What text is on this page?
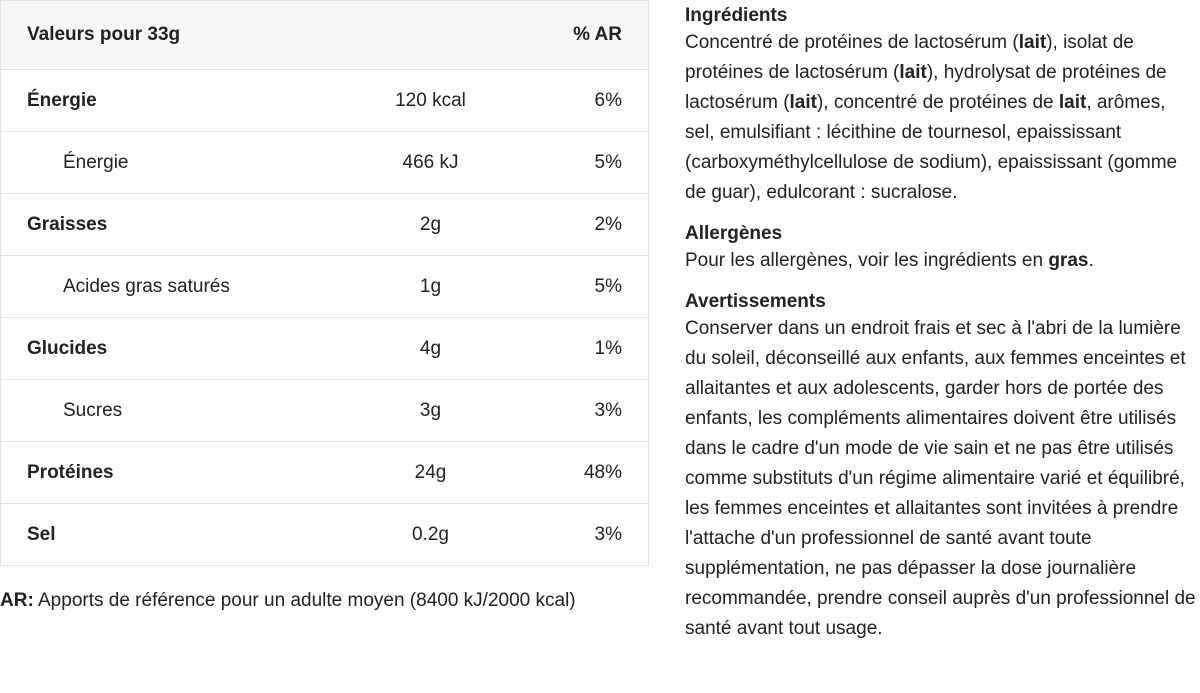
Valeurs pour 33g		% AR
Énergie	120 kcal	6%
Énergie	466 kJ	5%
Graisses	2g	2%
Acides gras saturés	1g	5%
Glucides	4g	1%
Sucres	3g	3%
Protéines	24g	48%
Sel	0.2g	3%
AR: Apports de référence pour un adulte moyen (8400 kJ/2000 kcal)

Ingrédients

Concentré de protéines de lactosérum (lait), isolat de protéines de lactosérum (lait), hydrolysat de protéines de lactosérum (lait), concentré de protéines de lait, arômes, sel, emulsifiant : lécithine de tournesol, epaississant (carboxyméthylcellulose de sodium), epaississant (gomme de guar), edulcorant : sucralose.

Allergènes

Pour les allergènes, voir les ingrédients en gras.

Avertissements

Conserver dans un endroit frais et sec à l'abri de la lumière du soleil, déconseillé aux enfants, aux femmes enceintes et allaitantes et aux adolescents, garder hors de portée des enfants, les compléments alimentaires doivent être utilisés dans le cadre d'un mode de vie sain et ne pas être utilisés comme substituts d'un régime alimentaire varié et équilibré, les femmes enceintes et allaitantes sont invitées à prendre l'attache d'un professionnel de santé avant toute supplémentation, ne pas dépasser la dose journalière recommandée, prendre conseil auprès d'un professionnel de santé avant tout usage.
